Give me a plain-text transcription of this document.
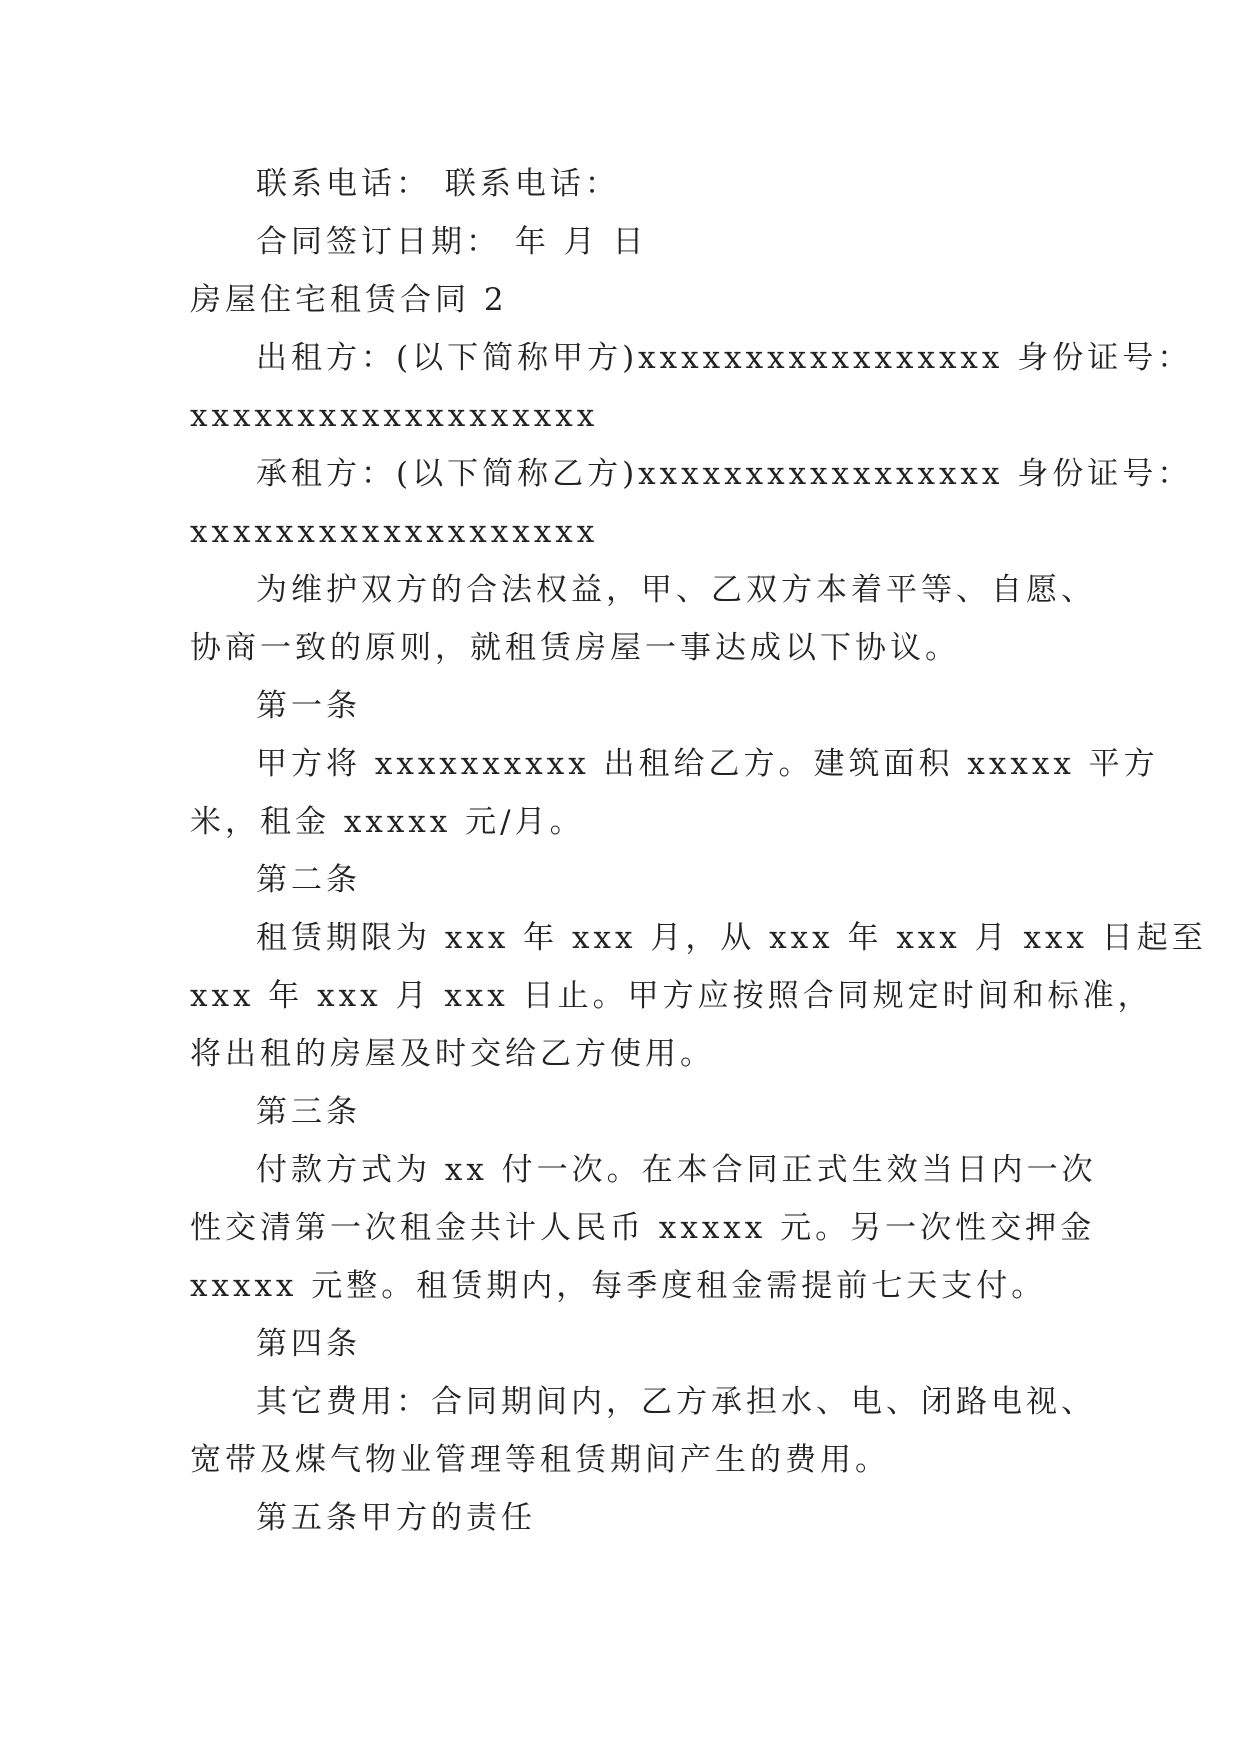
联系电话： 联系电话：
合同签订日期： 年 月 日
房屋住宅租赁合同 2
出租方：(以下简称甲方)xxxxxxxxxxxxxxxxx 身份证号：
xxxxxxxxxxxxxxxxxxx
承租方：(以下简称乙方)xxxxxxxxxxxxxxxxx 身份证号：
xxxxxxxxxxxxxxxxxxx
为维护双方的合法权益，甲、乙双方本着平等、自愿、
协商一致的原则，就租赁房屋一事达成以下协议。
第一条
甲方将 xxxxxxxxxx 出租给乙方。建筑面积 xxxxx 平方
米，租金 xxxxx 元/月。
第二条
租赁期限为 xxx 年 xxx 月，从 xxx 年 xxx 月 xxx 日起至
xxx 年 xxx 月 xxx 日止。甲方应按照合同规定时间和标准，
将出租的房屋及时交给乙方使用。
第三条
付款方式为 xx 付一次。在本合同正式生效当日内一次
性交清第一次租金共计人民币 xxxxx 元。另一次性交押金
xxxxx 元整。租赁期内，每季度租金需提前七天支付。
第四条
其它费用：合同期间内，乙方承担水、电、闭路电视、
宽带及煤气物业管理等租赁期间产生的费用。
第五条甲方的责任
